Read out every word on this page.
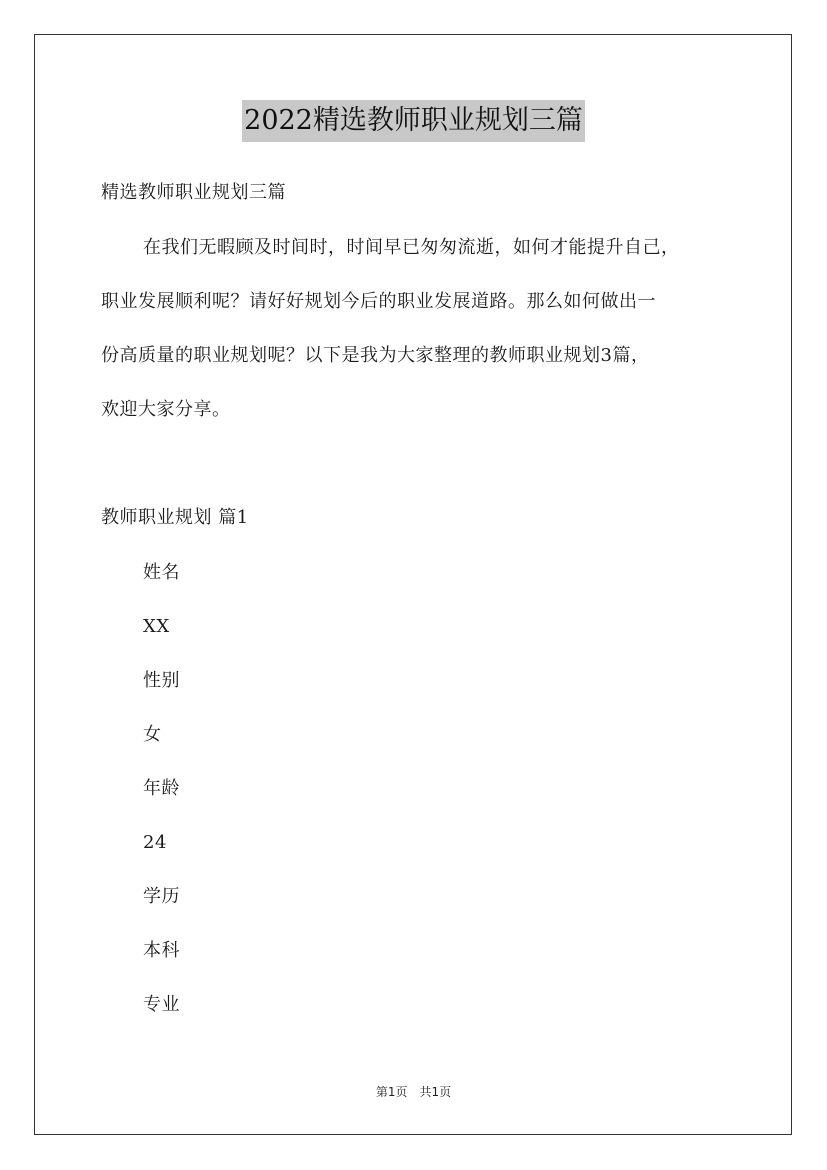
2022精选教师职业规划三篇
精选教师职业规划三篇
在我们无暇顾及时间时，时间早已匆匆流逝，如何才能提升自己，
职业发展顺利呢？请好好规划今后的职业发展道路。那么如何做出一
份高质量的职业规划呢？以下是我为大家整理的教师职业规划3篇，
欢迎大家分享。
教师职业规划 篇1
姓名
XX
性别
女
年龄
24
学历
本科
专业
第1页　共1页
